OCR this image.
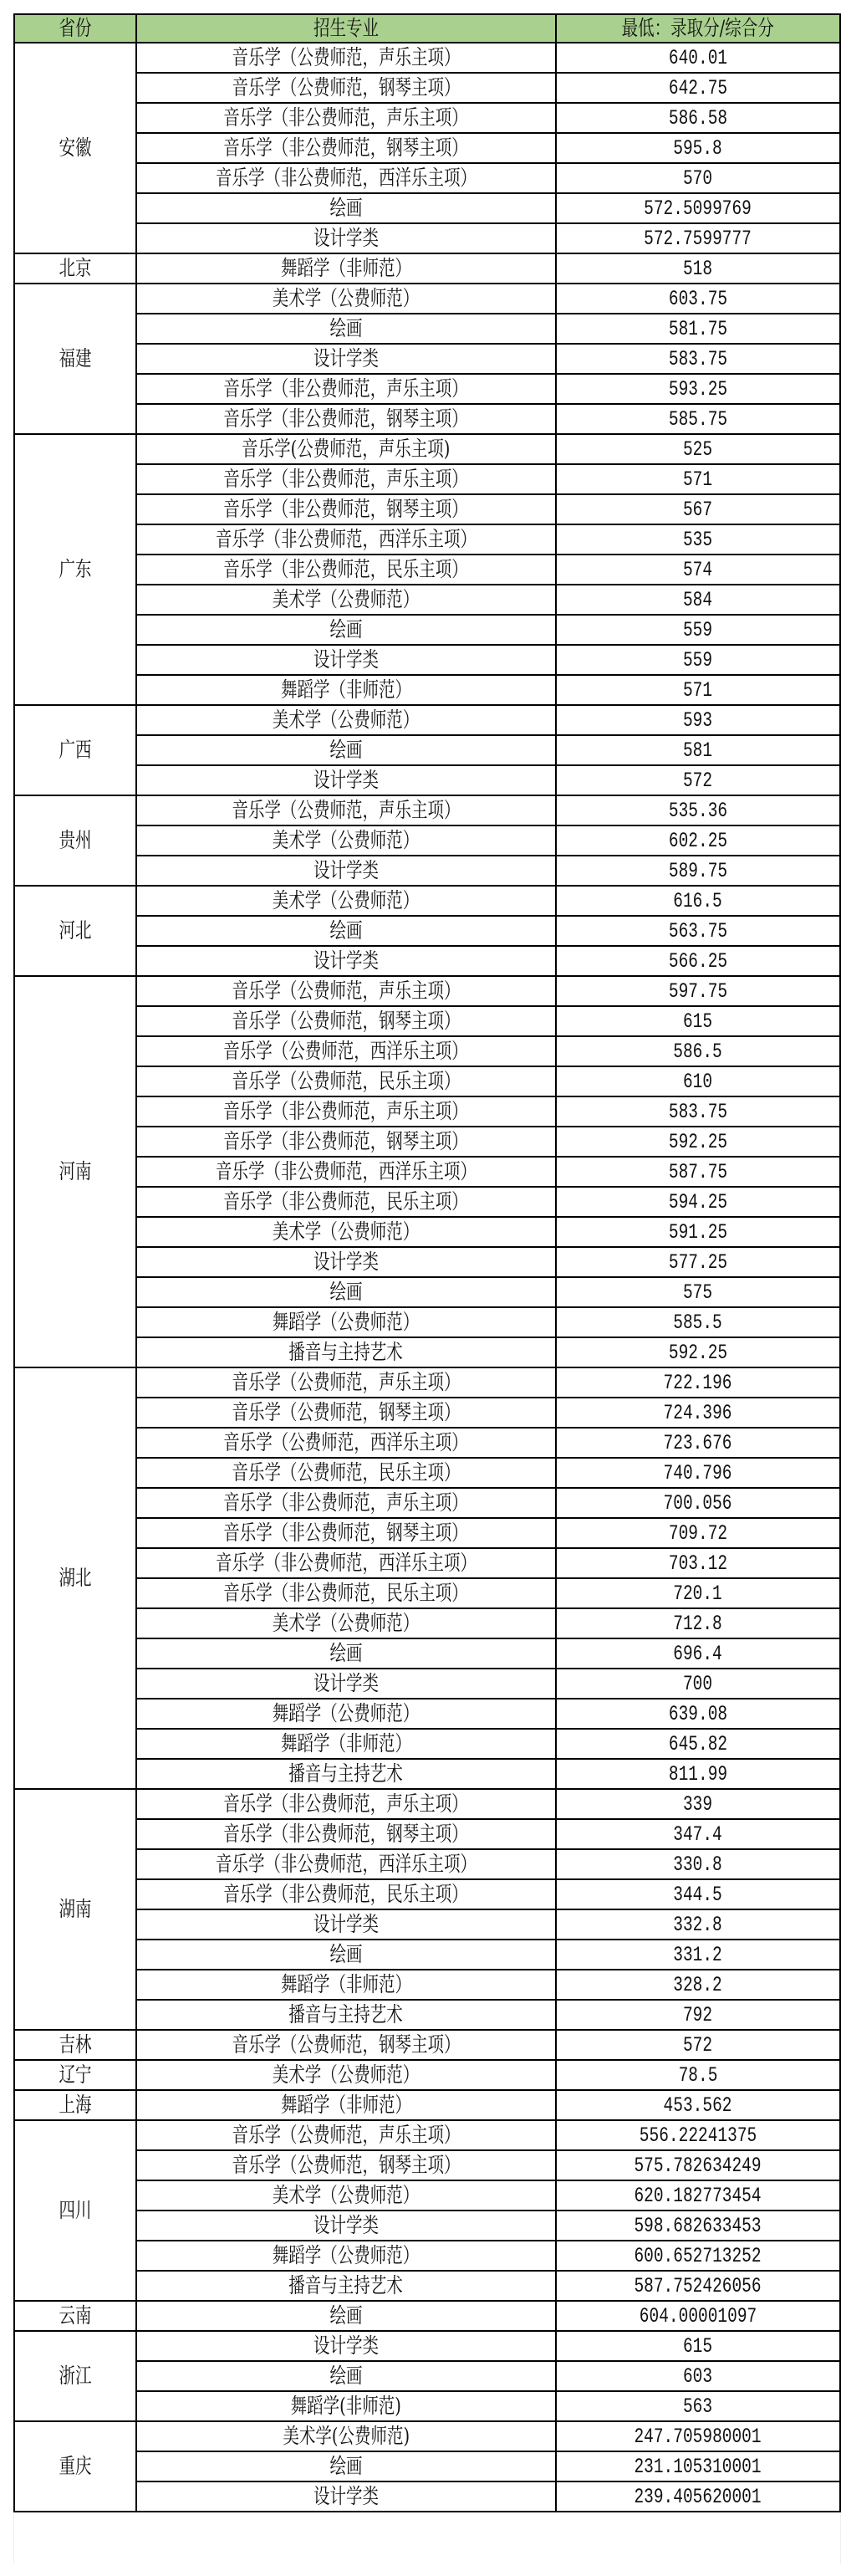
省份	招生专业	最低：录取分/综合分
安徽	音乐学（公费师范，声乐主项）	640.01
	音乐学（公费师范，钢琴主项）	642.75
	音乐学（非公费师范，声乐主项）	586.58
	音乐学（非公费师范，钢琴主项）	595.8
	音乐学（非公费师范，西洋乐主项）	570
	绘画	572.5099769
	设计学类	572.7599777
北京	舞蹈学（非师范）	518
福建	美术学（公费师范）	603.75
	绘画	581.75
	设计学类	583.75
	音乐学（非公费师范，声乐主项）	593.25
	音乐学（非公费师范，钢琴主项）	585.75
广东	音乐学(公费师范，声乐主项)	525
	音乐学（非公费师范，声乐主项）	571
	音乐学（非公费师范，钢琴主项）	567
	音乐学（非公费师范，西洋乐主项）	535
	音乐学（非公费师范，民乐主项）	574
	美术学（公费师范）	584
	绘画	559
	设计学类	559
	舞蹈学（非师范）	571
广西	美术学（公费师范）	593
	绘画	581
	设计学类	572
贵州	音乐学（公费师范，声乐主项）	535.36
	美术学（公费师范）	602.25
	设计学类	589.75
河北	美术学（公费师范）	616.5
	绘画	563.75
	设计学类	566.25
河南	音乐学（公费师范，声乐主项）	597.75
	音乐学（公费师范，钢琴主项）	615
	音乐学（公费师范，西洋乐主项）	586.5
	音乐学（公费师范，民乐主项）	610
	音乐学（非公费师范，声乐主项）	583.75
	音乐学（非公费师范，钢琴主项）	592.25
	音乐学（非公费师范，西洋乐主项）	587.75
	音乐学（非公费师范，民乐主项）	594.25
	美术学（公费师范）	591.25
	设计学类	577.25
	绘画	575
	舞蹈学（公费师范）	585.5
	播音与主持艺术	592.25
湖北	音乐学（公费师范，声乐主项）	722.196
	音乐学（公费师范，钢琴主项）	724.396
	音乐学（公费师范，西洋乐主项）	723.676
	音乐学（公费师范，民乐主项）	740.796
	音乐学（非公费师范，声乐主项）	700.056
	音乐学（非公费师范，钢琴主项）	709.72
	音乐学（非公费师范，西洋乐主项）	703.12
	音乐学（非公费师范，民乐主项）	720.1
	美术学（公费师范）	712.8
	绘画	696.4
	设计学类	700
	舞蹈学（公费师范）	639.08
	舞蹈学（非师范）	645.82
	播音与主持艺术	811.99
湖南	音乐学（非公费师范，声乐主项）	339
	音乐学（非公费师范，钢琴主项）	347.4
	音乐学（非公费师范，西洋乐主项）	330.8
	音乐学（非公费师范，民乐主项）	344.5
	设计学类	332.8
	绘画	331.2
	舞蹈学（非师范）	328.2
	播音与主持艺术	792
吉林	音乐学（公费师范，钢琴主项）	572
辽宁	美术学（公费师范）	78.5
上海	舞蹈学（非师范）	453.562
四川	音乐学（公费师范，声乐主项）	556.22241375
	音乐学（公费师范，钢琴主项）	575.782634249
	美术学（公费师范）	620.182773454
	设计学类	598.682633453
	舞蹈学（公费师范）	600.652713252
	播音与主持艺术	587.752426056
云南	绘画	604.00001097
浙江	设计学类	615
	绘画	603
	舞蹈学(非师范)	563
重庆	美术学(公费师范)	247.705980001
	绘画	231.105310001
	设计学类	239.405620001
